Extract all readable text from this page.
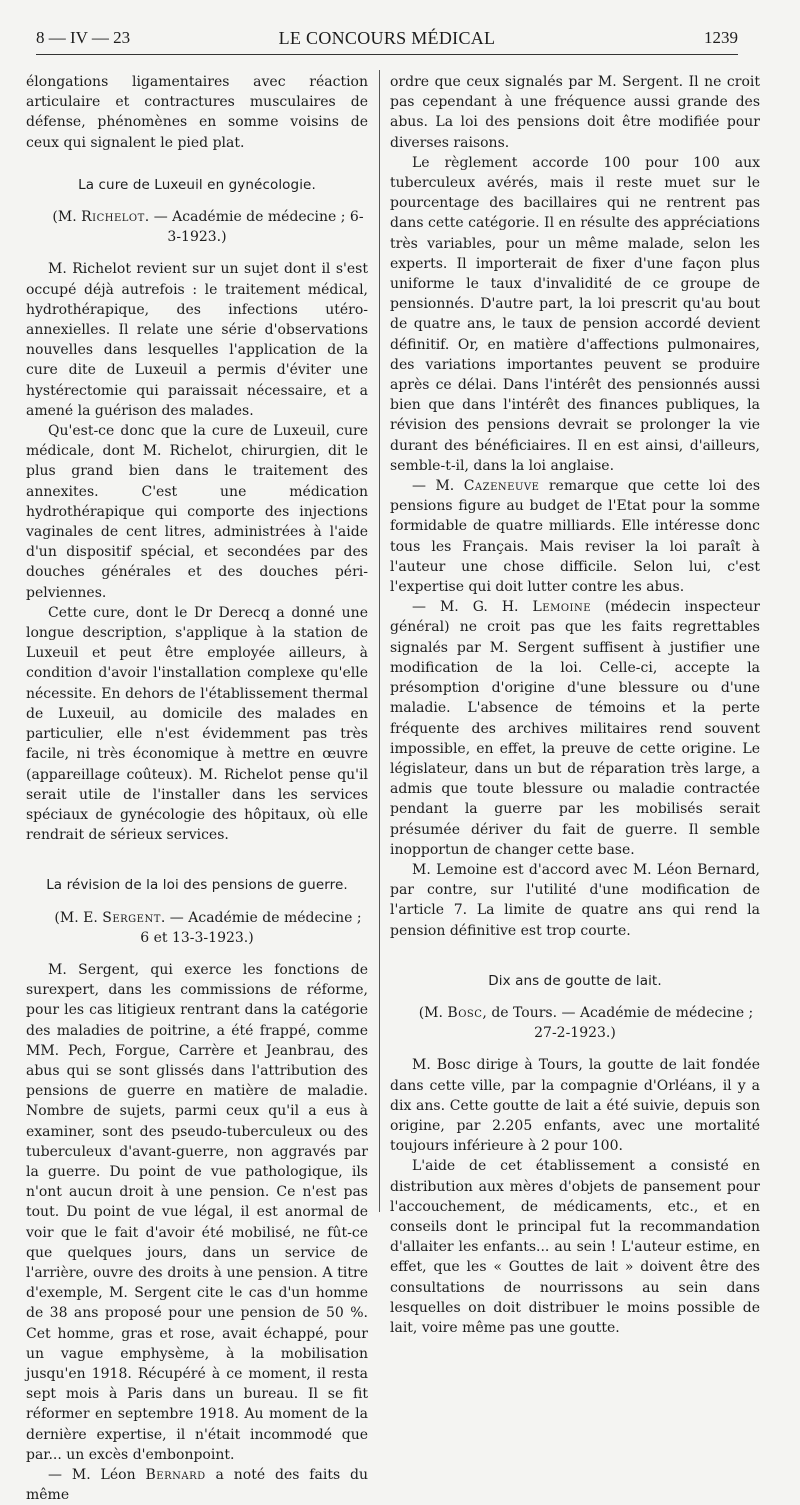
8 — IV — 23	LE CONCOURS MÉDICAL	1239

élongations ligamentaires avec réaction articulaire et contractures musculaires de défense, phénomènes en somme voisins de ceux qui signalent le pied plat.

La cure de Luxeuil en gynécologie.

(M. Richelot. — Académie de médecine ; 6-3-1923.)

M. Richelot revient sur un sujet dont il s'est occupé déjà autrefois : le traitement médical, hydrothérapique, des infections utéro-annexielles. Il relate une série d'observations nouvelles dans lesquelles l'application de la cure dite de Luxeuil a permis d'éviter une hystérectomie qui paraissait nécessaire, et a amené la guérison des malades.

Qu'est-ce donc que la cure de Luxeuil, cure médicale, dont M. Richelot, chirurgien, dit le plus grand bien dans le traitement des annexites. C'est une médication hydrothérapique qui comporte des injections vaginales de cent litres, administrées à l'aide d'un dispositif spécial, et secondées par des douches générales et des douches péri-pelviennes.

Cette cure, dont le Dr Derecq a donné une longue description, s'applique à la station de Luxeuil et peut être employée ailleurs, à condition d'avoir l'installation complexe qu'elle nécessite. En dehors de l'établissement thermal de Luxeuil, au domicile des malades en particulier, elle n'est évidemment pas très facile, ni très économique à mettre en œuvre (appareillage coûteux). M. Richelot pense qu'il serait utile de l'installer dans les services spéciaux de gynécologie des hôpitaux, où elle rendrait de sérieux services.

La révision de la loi des pensions de guerre.

(M. E. Sergent. — Académie de médecine ; 6 et 13-3-1923.)

M. Sergent, qui exerce les fonctions de surexpert, dans les commissions de réforme, pour les cas litigieux rentrant dans la catégorie des maladies de poitrine, a été frappé, comme MM. Pech, Forgue, Carrère et Jeanbrau, des abus qui se sont glissés dans l'attribution des pensions de guerre en matière de maladie. Nombre de sujets, parmi ceux qu'il a eus à examiner, sont des pseudo-tuberculeux ou des tuberculeux d'avant-guerre, non aggravés par la guerre. Du point de vue pathologique, ils n'ont aucun droit à une pension. Ce n'est pas tout. Du point de vue légal, il est anormal de voir que le fait d'avoir été mobilisé, ne fût-ce que quelques jours, dans un service de l'arrière, ouvre des droits à une pension. A titre d'exemple, M. Sergent cite le cas d'un homme de 38 ans proposé pour une pension de 50 %. Cet homme, gras et rose, avait échappé, pour un vague emphysème, à la mobilisation jusqu'en 1918. Récupéré à ce moment, il resta sept mois à Paris dans un bureau. Il se fit réformer en septembre 1918. Au moment de la dernière expertise, il n'était incommodé que par... un excès d'embonpoint.

— M. Léon Bernard a noté des faits du même

ordre que ceux signalés par M. Sergent. Il ne croit pas cependant à une fréquence aussi grande des abus. La loi des pensions doit être modifiée pour diverses raisons.

Le règlement accorde 100 pour 100 aux tuberculeux avérés, mais il reste muet sur le pourcentage des bacillaires qui ne rentrent pas dans cette catégorie. Il en résulte des appréciations très variables, pour un même malade, selon les experts. Il importerait de fixer d'une façon plus uniforme le taux d'invalidité de ce groupe de pensionnés. D'autre part, la loi prescrit qu'au bout de quatre ans, le taux de pension accordé devient définitif. Or, en matière d'affections pulmonaires, des variations importantes peuvent se produire après ce délai. Dans l'intérêt des pensionnés aussi bien que dans l'intérêt des finances publiques, la révision des pensions devrait se prolonger la vie durant des bénéficiaires. Il en est ainsi, d'ailleurs, semble-t-il, dans la loi anglaise.

— M. Cazeneuve remarque que cette loi des pensions figure au budget de l'Etat pour la somme formidable de quatre milliards. Elle intéresse donc tous les Français. Mais reviser la loi paraît à l'auteur une chose difficile. Selon lui, c'est l'expertise qui doit lutter contre les abus.

— M. G. H. Lemoine (médecin inspecteur général) ne croit pas que les faits regrettables signalés par M. Sergent suffisent à justifier une modification de la loi. Celle-ci, accepte la présomption d'origine d'une blessure ou d'une maladie. L'absence de témoins et la perte fréquente des archives militaires rend souvent impossible, en effet, la preuve de cette origine. Le législateur, dans un but de réparation très large, a admis que toute blessure ou maladie contractée pendant la guerre par les mobilisés serait présumée dériver du fait de guerre. Il semble inopportun de changer cette base.

M. Lemoine est d'accord avec M. Léon Bernard, par contre, sur l'utilité d'une modification de l'article 7. La limite de quatre ans qui rend la pension définitive est trop courte.

Dix ans de goutte de lait.

(M. Bosc, de Tours. — Académie de médecine ; 27-2-1923.)

M. Bosc dirige à Tours, la goutte de lait fondée dans cette ville, par la compagnie d'Orléans, il y a dix ans. Cette goutte de lait a été suivie, depuis son origine, par 2.205 enfants, avec une mortalité toujours inférieure à 2 pour 100.

L'aide de cet établissement a consisté en distribution aux mères d'objets de pansement pour l'accouchement, de médicaments, etc., et en conseils dont le principal fut la recommandation d'allaiter les enfants... au sein ! L'auteur estime, en effet, que les « Gouttes de lait » doivent être des consultations de nourrissons au sein dans lesquelles on doit distribuer le moins possible de lait, voire même pas une goutte.
